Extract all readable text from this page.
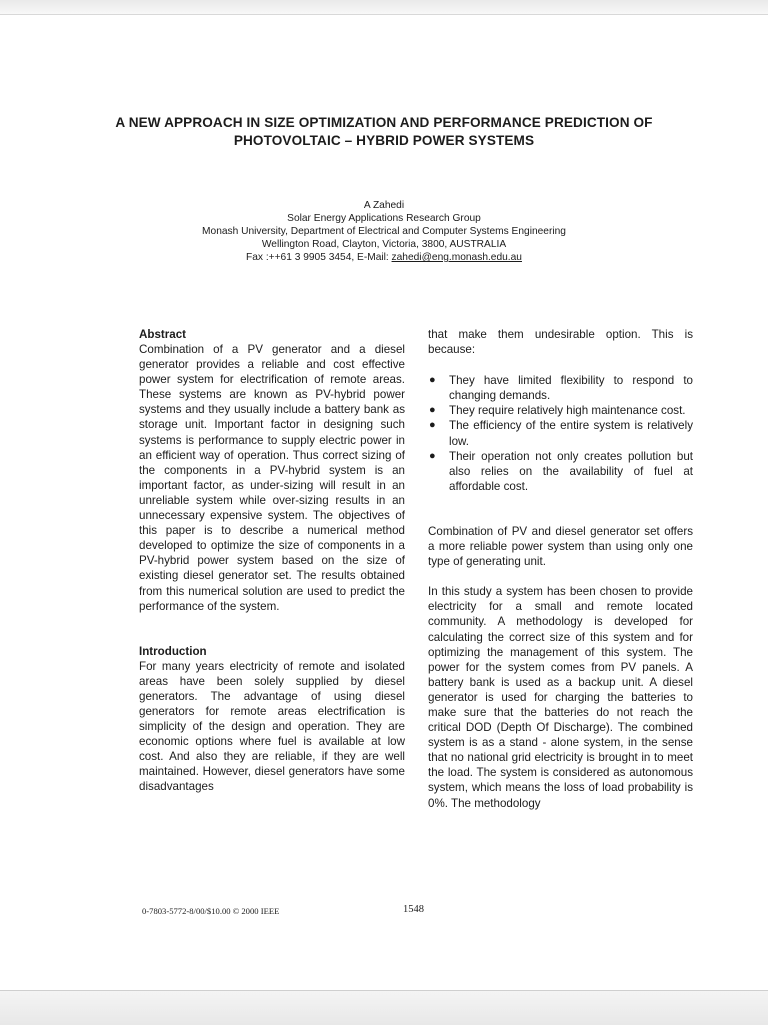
A NEW APPROACH IN SIZE OPTIMIZATION AND PERFORMANCE PREDICTION OF
PHOTOVOLTAIC – HYBRID POWER SYSTEMS
A Zahedi
Solar Energy Applications Research Group
Monash University, Department of Electrical and Computer Systems Engineering
Wellington Road, Clayton, Victoria, 3800, AUSTRALIA
Fax :++61 3 9905 3454, E-Mail: zahedi@eng.monash.edu.au
Abstract

Combination of a PV generator and a diesel generator provides a reliable and cost effective power system for electrification of remote areas. These systems are known as PV-hybrid power systems and they usually include a battery bank as storage unit. Important factor in designing such systems is performance to supply electric power in an efficient way of operation. Thus correct sizing of the components in a PV-hybrid system is an important factor, as under-sizing will result in an unreliable system while over-sizing results in an unnecessary expensive system. The objectives of this paper is to describe a numerical method developed to optimize the size of components in a PV-hybrid power system based on the size of existing diesel generator set. The results obtained from this numerical solution are used to predict the performance of the system.

Introduction

For many years electricity of remote and isolated areas have been solely supplied by diesel generators. The advantage of using diesel generators for remote areas electrification is simplicity of the design and operation. They are economic options where fuel is available at low cost. And also they are reliable, if they are well maintained. However, diesel generators have some disadvantages

that make them undesirable option. This is because:

● They have limited flexibility to respond to changing demands.
● They require relatively high maintenance cost.
● The efficiency of the entire system is relatively low.
● Their operation not only creates pollution but also relies on the availability of fuel at affordable cost.

Combination of PV and diesel generator set offers a more reliable power system than using only one type of generating unit.

In this study a system has been chosen to provide electricity for a small and remote located community. A methodology is developed for calculating the correct size of this system and for optimizing the management of this system. The power for the system comes from PV panels. A battery bank is used as a backup unit. A diesel generator is used for charging the batteries to make sure that the batteries do not reach the critical DOD (Depth Of Discharge). The combined system is as a stand - alone system, in the sense that no national grid electricity is brought in to meet the load. The system is considered as autonomous system, which means the loss of load probability is 0%. The methodology

0-7803-5772-8/00/$10.00 © 2000 IEEE	1548
